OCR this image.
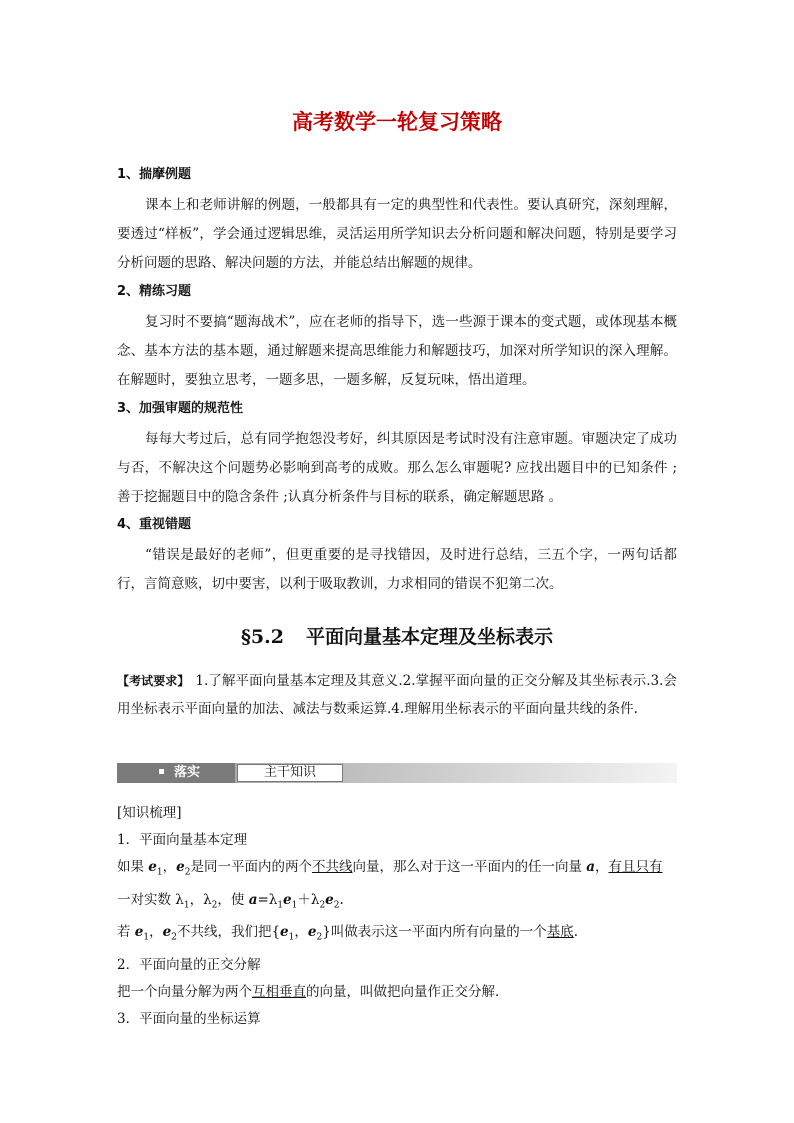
高考数学一轮复习策略
1、揣摩例题
课本上和老师讲解的例题，一般都具有一定的典型性和代表性。要认真研究，深刻理解，要透过“样板”，学会通过逻辑思维，灵活运用所学知识去分析问题和解决问题，特别是要学习分析问题的思路、解决问题的方法，并能总结出解题的规律。
2、精练习题
复习时不要搞“题海战术”，应在老师的指导下，选一些源于课本的变式题，或体现基本概念、基本方法的基本题，通过解题来提高思维能力和解题技巧，加深对所学知识的深入理解。在解题时，要独立思考，一题多思，一题多解，反复玩味，悟出道理。
3、加强审题的规范性
每每大考过后，总有同学抱怨没考好，纠其原因是考试时没有注意审题。审题决定了成功与否，不解决这个问题势必影响到高考的成败。那么怎么审题呢? 应找出题目中的已知条件 ;善于挖掘题目中的隐含条件 ;认真分析条件与目标的联系，确定解题思路 。
4、重视错题
“错误是最好的老师”，但更重要的是寻找错因，及时进行总结，三五个字，一两句话都行，言简意赅，切中要害，以利于吸取教训，力求相同的错误不犯第二次。
§5.2 平面向量基本定理及坐标表示
【考试要求】 1.了解平面向量基本定理及其意义.2.掌握平面向量的正交分解及其坐标表示.3.会用坐标表示平面向量的加法、减法与数乘运算.4.理解用坐标表示的平面向量共线的条件.
落实	主干知识
[知识梳理]
1．平面向量基本定理
如果 $e_1$，$e_2$是同一平面内的两个不共线向量，那么对于这一平面内的任一向量 a，有且只有
一对实数 $\lambda_1$，$\lambda_2$，使 $a=\lambda_1e_1+\lambda_2e_2$.
若 $e_1$，$e_2$不共线，我们把{$e_1$，$e_2$}叫做表示这一平面内所有向量的一个基底.
2．平面向量的正交分解
把一个向量分解为两个互相垂直的向量，叫做把向量作正交分解．
3．平面向量的坐标运算
